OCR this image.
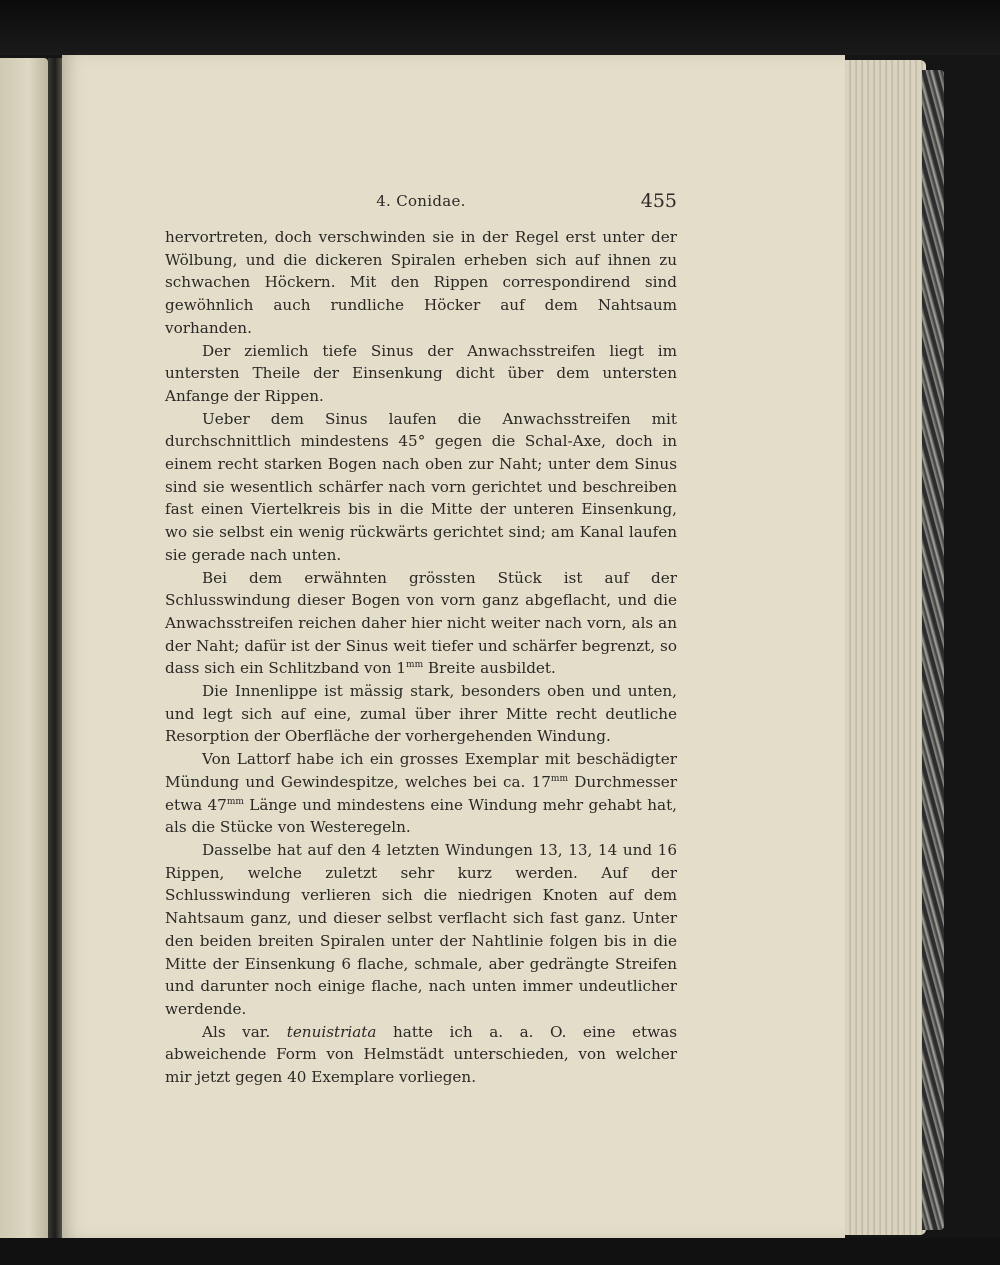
4. Conidae.	455

hervortreten, doch verschwinden sie in der Regel erst unter der Wölbung, und die dickeren Spiralen erheben sich auf ihnen zu schwachen Höckern. Mit den Rippen correspondirend sind gewöhnlich auch rundliche Höcker auf dem Nahtsaum vorhanden.

Der ziemlich tiefe Sinus der Anwachsstreifen liegt im untersten Theile der Einsenkung dicht über dem untersten Anfange der Rippen.

Ueber dem Sinus laufen die Anwachsstreifen mit durchschnittlich mindestens 45° gegen die Schal-Axe, doch in einem recht starken Bogen nach oben zur Naht; unter dem Sinus sind sie wesentlich schärfer nach vorn gerichtet und beschreiben fast einen Viertelkreis bis in die Mitte der unteren Einsenkung, wo sie selbst ein wenig rückwärts gerichtet sind; am Kanal laufen sie gerade nach unten.

Bei dem erwähnten grössten Stück ist auf der Schlusswindung dieser Bogen von vorn ganz abgeflacht, und die Anwachsstreifen reichen daher hier nicht weiter nach vorn, als an der Naht; dafür ist der Sinus weit tiefer und schärfer begrenzt, so dass sich ein Schlitzband von $1^{mm}$ Breite ausbildet.

Die Innenlippe ist mässig stark, besonders oben und unten, und legt sich auf eine, zumal über ihrer Mitte recht deutliche Resorption der Oberfläche der vorhergehenden Windung.

Von Lattorf habe ich ein grosses Exemplar mit beschädigter Mündung und Gewindespitze, welches bei ca. $17^{mm}$ Durchmesser etwa $47^{mm}$ Länge und mindestens eine Windung mehr gehabt hat, als die Stücke von Westeregeln.

Dasselbe hat auf den 4 letzten Windungen 13, 13, 14 und 16 Rippen, welche zuletzt sehr kurz werden. Auf der Schlusswindung verlieren sich die niedrigen Knoten auf dem Nahtsaum ganz, und dieser selbst verflacht sich fast ganz. Unter den beiden breiten Spiralen unter der Nahtlinie folgen bis in die Mitte der Einsenkung 6 flache, schmale, aber gedrängte Streifen und darunter noch einige flache, nach unten immer undeutlicher werdende.

Als var. tenuistriata hatte ich a. a. O. eine etwas abweichende Form von Helmstädt unterschieden, von welcher mir jetzt gegen 40 Exemplare vorliegen.
